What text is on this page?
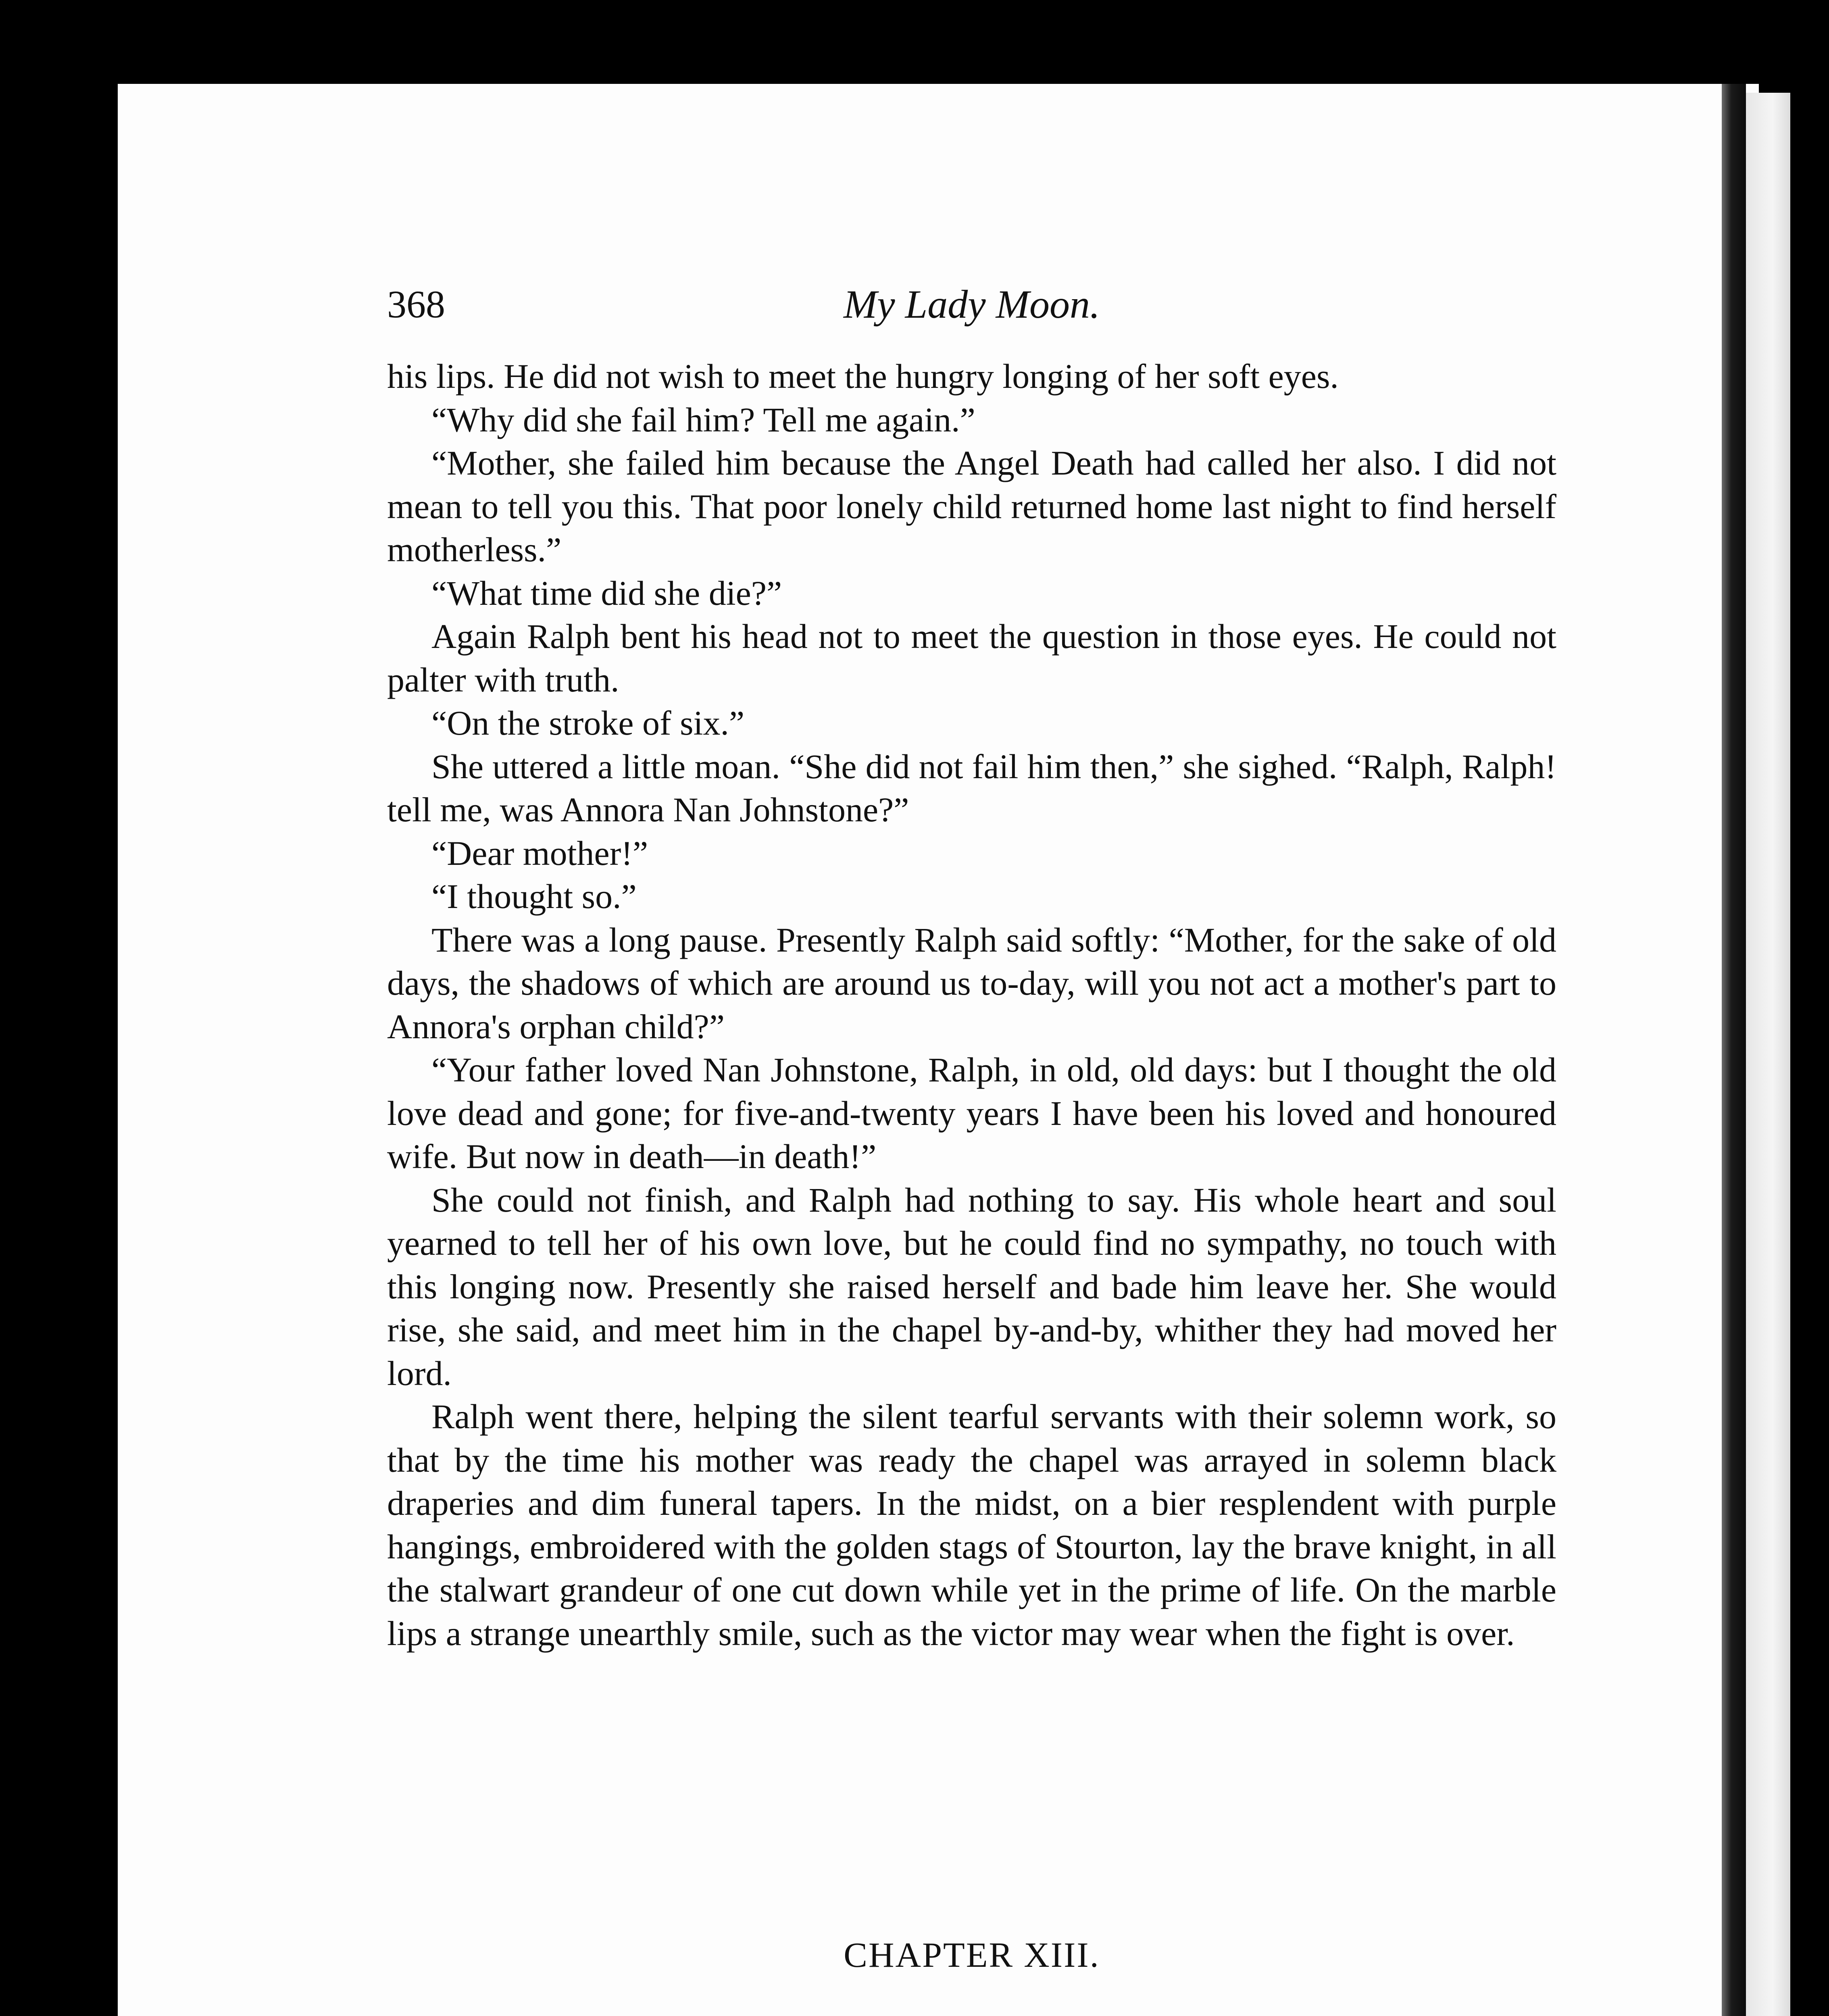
368	My Lady Moon.

his lips. He did not wish to meet the hungry longing of her soft eyes.

“Why did she fail him? Tell me again.”

“Mother, she failed him because the Angel Death had called her also. I did not mean to tell you this. That poor lonely child returned home last night to find herself motherless.”

“What time did she die?”

Again Ralph bent his head not to meet the question in those eyes. He could not palter with truth.

“On the stroke of six.”

She uttered a little moan. “She did not fail him then,” she sighed. “Ralph, Ralph! tell me, was Annora Nan Johnstone?”

“Dear mother!”

“I thought so.”

There was a long pause. Presently Ralph said softly: “Mother, for the sake of old days, the shadows of which are around us to-day, will you not act a mother's part to Annora's orphan child?”

“Your father loved Nan Johnstone, Ralph, in old, old days: but I thought the old love dead and gone; for five-and-twenty years I have been his loved and honoured wife. But now in death—in death!”

She could not finish, and Ralph had nothing to say. His whole heart and soul yearned to tell her of his own love, but he could find no sympathy, no touch with this longing now. Presently she raised herself and bade him leave her. She would rise, she said, and meet him in the chapel by-and-by, whither they had moved her lord.

Ralph went there, helping the silent tearful servants with their solemn work, so that by the time his mother was ready the chapel was arrayed in solemn black draperies and dim funeral tapers. In the midst, on a bier resplendent with purple hangings, embroidered with the golden stags of Stourton, lay the brave knight, in all the stalwart grandeur of one cut down while yet in the prime of life. On the marble lips a strange unearthly smile, such as the victor may wear when the fight is over.

CHAPTER XIII.
